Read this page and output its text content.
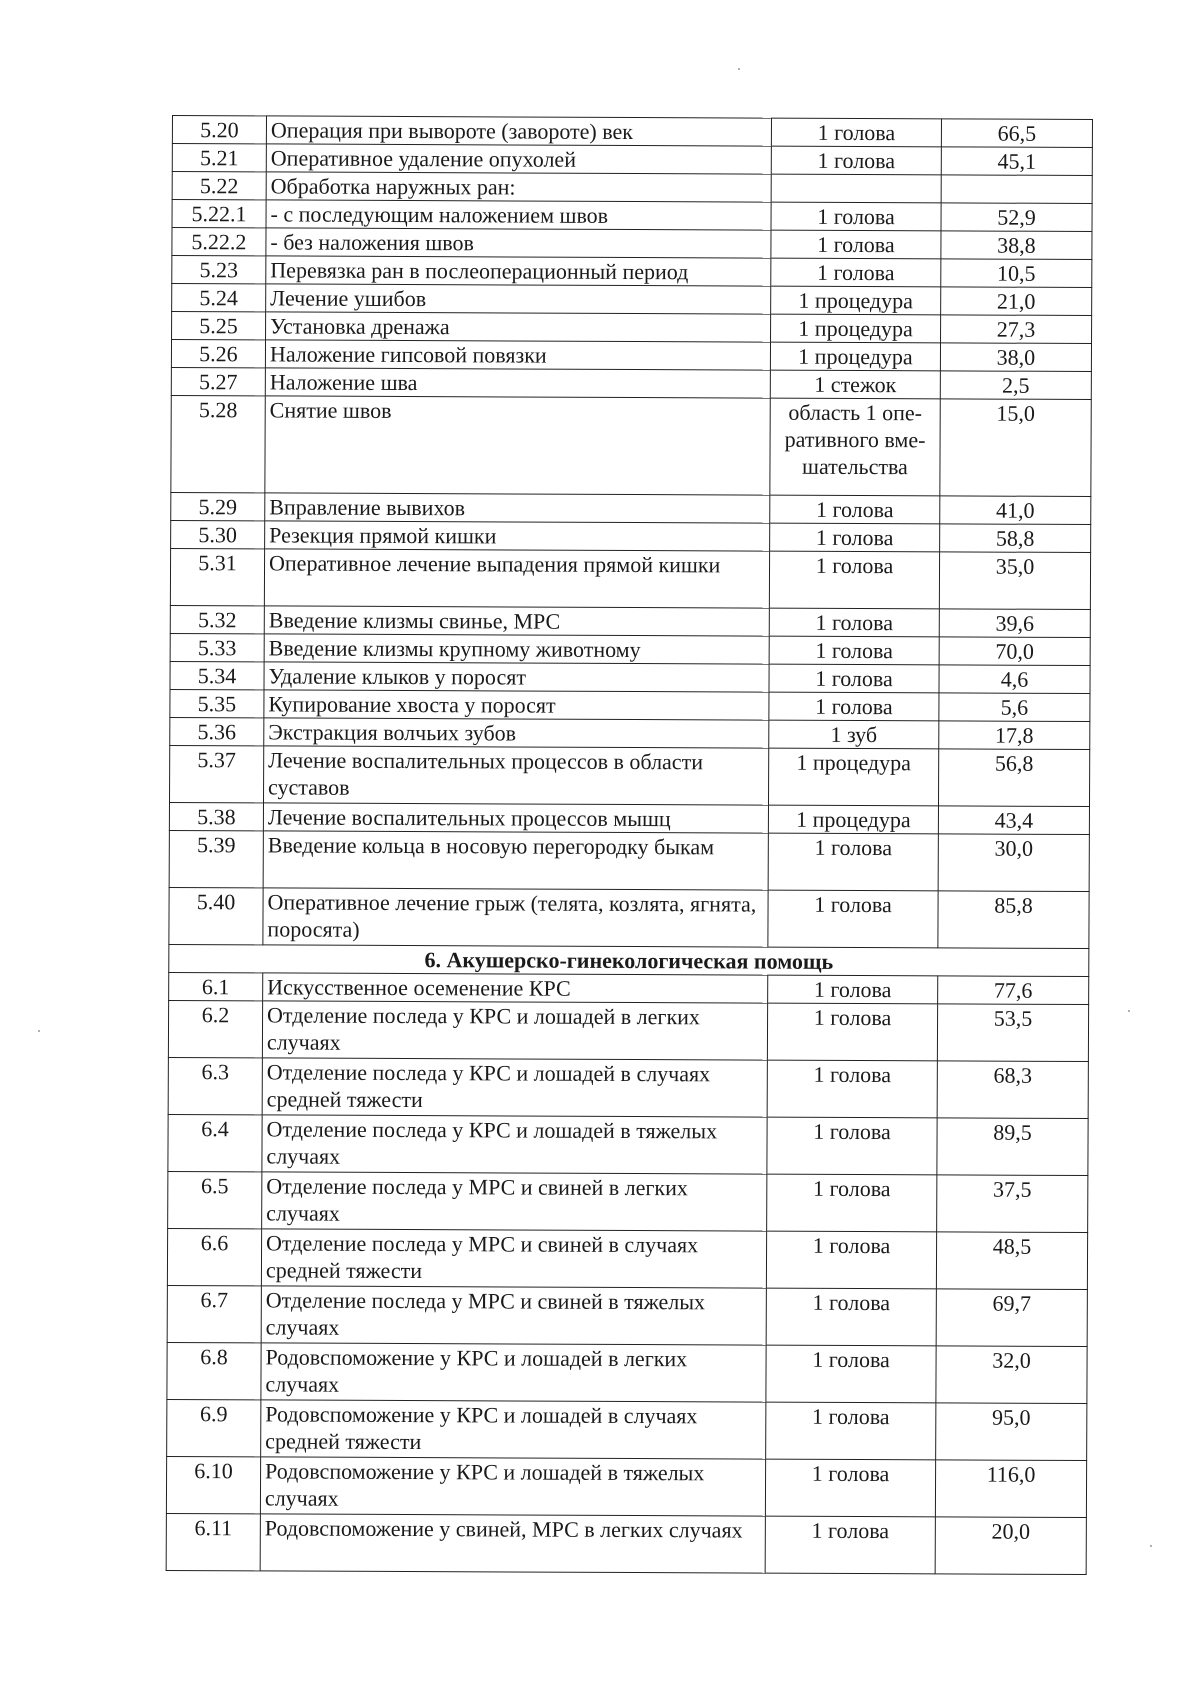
5.20	Операция при вывороте (завороте) век	1 голова	66,5
5.21	Оперативное удаление опухолей	1 голова	45,1
5.22	Обработка наружных ран:		
5.22.1	- с последующим наложением швов	1 голова	52,9
5.22.2	- без наложения швов	1 голова	38,8
5.23	Перевязка ран в послеоперационный период	1 голова	10,5
5.24	Лечение ушибов	1 процедура	21,0
5.25	Установка дренажа	1 процедура	27,3
5.26	Наложение гипсовой повязки	1 процедура	38,0
5.27	Наложение шва	1 стежок	2,5
5.28	Снятие швов	область 1 опе-ративного вме-шательства	15,0
5.29	Вправление вывихов	1 голова	41,0
5.30	Резекция прямой кишки	1 голова	58,8
5.31	Оперативное лечение выпадения прямой кишки	1 голова	35,0
5.32	Введение клизмы свинье, МРС	1 голова	39,6
5.33	Введение клизмы крупному животному	1 голова	70,0
5.34	Удаление клыков у поросят	1 голова	4,6
5.35	Купирование хвоста у поросят	1 голова	5,6
5.36	Экстракция волчьих зубов	1 зуб	17,8
5.37	Лечение воспалительных процессов в области суставов	1 процедура	56,8
5.38	Лечение воспалительных процессов мышц	1 процедура	43,4
5.39	Введение кольца в носовую перегородку быкам	1 голова	30,0
5.40	Оперативное лечение грыж (телята, козлята, ягнята, поросята)	1 голова	85,8
6. Акушерско-гинекологическая помощь			
6.1	Искусственное осеменение КРС	1 голова	77,6
6.2	Отделение последа у КРС и лошадей в легких случаях	1 голова	53,5
6.3	Отделение последа у КРС и лошадей в случаях средней тяжести	1 голова	68,3
6.4	Отделение последа у КРС и лошадей в тяжелых случаях	1 голова	89,5
6.5	Отделение последа у МРС и свиней в легких случаях	1 голова	37,5
6.6	Отделение последа у МРС и свиней в случаях средней тяжести	1 голова	48,5
6.7	Отделение последа у МРС и свиней в тяжелых случаях	1 голова	69,7
6.8	Родовспоможение у КРС и лошадей в легких случаях	1 голова	32,0
6.9	Родовспоможение у КРС и лошадей в случаях средней тяжести	1 голова	95,0
6.10	Родовспоможение у КРС и лошадей в тяжелых случаях	1 голова	116,0
6.11	Родовспоможение у свиней, МРС в легких случаях	1 голова	20,0
